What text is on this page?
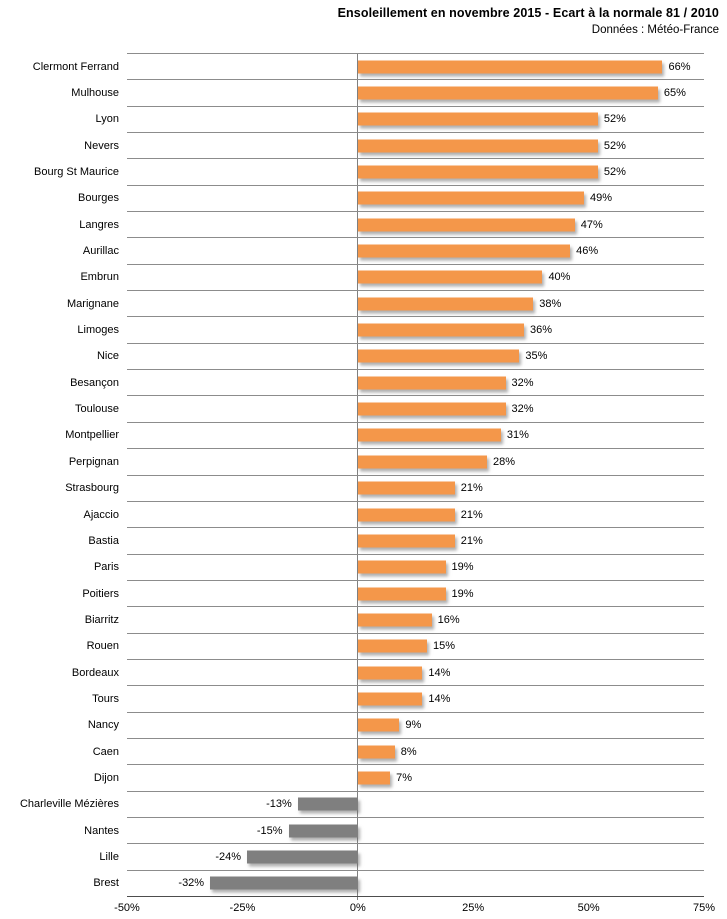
Ensoleillement en novembre 2015 - Ecart à la normale 81 / 2010
Données : Météo-France
Clermont Ferrand	66%
Mulhouse	65%
Lyon	52%
Nevers	52%
Bourg St Maurice	52%
Bourges	49%
Langres	47%
Aurillac	46%
Embrun	40%
Marignane	38%
Limoges	36%
Nice	35%
Besançon	32%
Toulouse	32%
Montpellier	31%
Perpignan	28%
Strasbourg	21%
Ajaccio	21%
Bastia	21%
Paris	19%
Poitiers	19%
Biarritz	16%
Rouen	15%
Bordeaux	14%
Tours	14%
Nancy	9%
Caen	8%
Dijon	7%
Charleville Mézières	-13%
Nantes	-15%
Lille	-24%
Brest	-32%
-50%	-25%	0%	25%	50%	75%
